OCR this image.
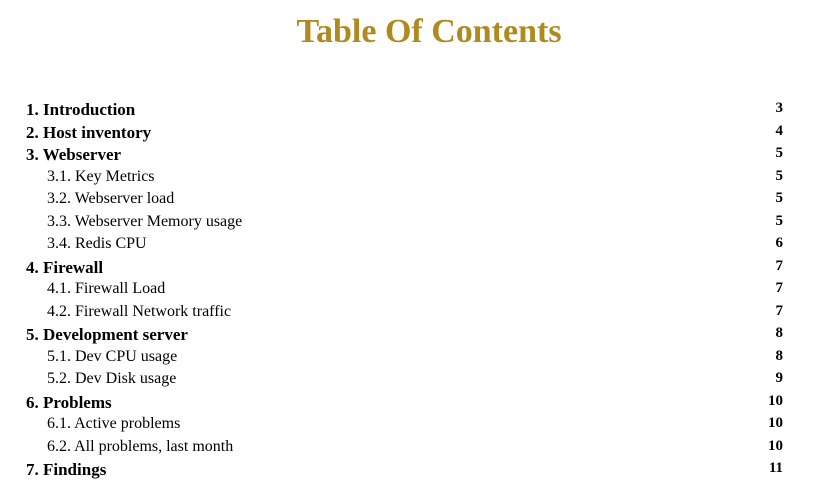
Table Of Contents
1. Introduction	3
2. Host inventory	4
3. Webserver	5
3.1. Key Metrics	5
3.2. Webserver load	5
3.3. Webserver Memory usage	5
3.4. Redis CPU	6
4. Firewall	7
4.1. Firewall Load	7
4.2. Firewall Network traffic	7
5. Development server	8
5.1. Dev CPU usage	8
5.2. Dev Disk usage	9
6. Problems	10
6.1. Active problems	10
6.2. All problems, last month	10
7. Findings	11
